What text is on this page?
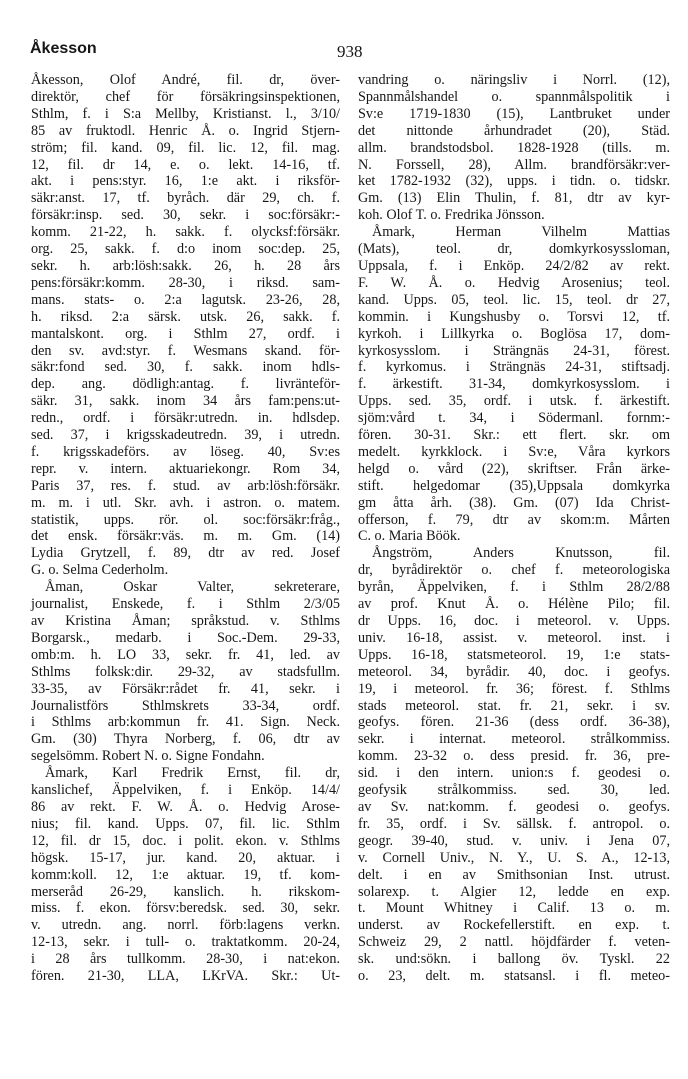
Åkesson	938
Åkesson, Olof André, fil. dr, över-
direktör, chef för försäkringsinspektionen,
Sthlm, f. i S:a Mellby, Kristianst. l., 3/10/
85 av fruktodl. Henric Å. o. Ingrid Stjern-
ström; fil. kand. 09, fil. lic. 12, fil. mag.
12, fil. dr 14, e. o. lekt. 14-16, tf.
akt. i pens:styr. 16, 1:e akt. i riksför-
säkr:anst. 17, tf. byråch. där 29, ch. f.
försäkr:insp. sed. 30, sekr. i soc:försäkr:-
komm. 21-22, h. sakk. f. olycksf:försäkr.
org. 25, sakk. f. d:o inom soc:dep. 25,
sekr. h. arb:lösh:sakk. 26, h. 28 års
pens:försäkr:komm. 28-30, i riksd. sam-
mans. stats- o. 2:a lagutsk. 23-26, 28,
h. riksd. 2:a särsk. utsk. 26, sakk. f.
mantalskont. org. i Sthlm 27, ordf. i
den sv. avd:styr. f. Wesmans skand. för-
säkr:fond sed. 30, f. sakk. inom hdls-
dep. ang. dödligh:antag. f. livränteför-
säkr. 31, sakk. inom 34 års fam:pens:ut-
redn., ordf. i försäkr:utredn. in. hdlsdep.
sed. 37, i krigsskadeutredn. 39, i utredn.
f. krigsskadeförs. av löseg. 40, Sv:es
repr. v. intern. aktuariekongr. Rom 34,
Paris 37, res. f. stud. av arb:lösh:försäkr.
m. m. i utl. Skr. avh. i astron. o. matem.
statistik, upps. rör. ol. soc:försäkr:fråg.,
det ensk. försäkr:väs. m. m. Gm. (14)
Lydia Grytzell, f. 89, dtr av red. Josef
G. o. Selma Cederholm.
Åman, Oskar Valter, sekreterare,
journalist, Enskede, f. i Sthlm 2/3/05
av Kristina Åman; språkstud. v. Sthlms
Borgarsk., medarb. i Soc.-Dem. 29-33,
omb:m. h. LO 33, sekr. fr. 41, led. av
Sthlms folksk:dir. 29-32, av stadsfullm.
33-35, av Försäkr:rådet fr. 41, sekr. i
Journalistförs Sthlmskrets 33-34, ordf.
i Sthlms arb:kommun fr. 41. Sign. Neck.
Gm. (30) Thyra Norberg, f. 06, dtr av
segelsömm. Robert N. o. Signe Fondahn.
Åmark, Karl Fredrik Ernst, fil. dr,
kanslichef, Äppelviken, f. i Enköp. 14/4/
86 av rekt. F. W. Å. o. Hedvig Arose-
nius; fil. kand. Upps. 07, fil. lic. Sthlm
12, fil. dr 15, doc. i polit. ekon. v. Sthlms
högsk. 15-17, jur. kand. 20, aktuar. i
komm:koll. 12, 1:e aktuar. 19, tf. kom-
merseråd 26-29, kanslich. h. rikskom-
miss. f. ekon. försv:beredsk. sed. 30, sekr.
v. utredn. ang. norrl. förb:lagens verkn.
12-13, sekr. i tull- o. traktatkomm. 20-24,
i 28 års tullkomm. 28-30, i nat:ekon.
fören. 21-30, LLA, LKrVA. Skr.: Ut-
vandring o. näringsliv i Norrl. (12),
Spannmålshandel o. spannmålspolitik i
Sv:e 1719-1830 (15), Lantbruket under
det nittonde århundradet (20), Städ.
allm. brandstodsbol. 1828-1928 (tills. m.
N. Forssell, 28), Allm. brandförsäkr:ver-
ket 1782-1932 (32), upps. i tidn. o. tidskr.
Gm. (13) Elin Thulin, f. 81, dtr av kyr-
koh. Olof T. o. Fredrika Jönsson.
Åmark, Herman Vilhelm Mattias
(Mats), teol. dr, domkyrkosyssloman,
Uppsala, f. i Enköp. 24/2/82 av rekt.
F. W. Å. o. Hedvig Arosenius; teol.
kand. Upps. 05, teol. lic. 15, teol. dr 27,
kommin. i Kungshusby o. Torsvi 12, tf.
kyrkoh. i Lillkyrka o. Boglösa 17, dom-
kyrkosysslom. i Strängnäs 24-31, förest.
f. kyrkomus. i Strängnäs 24-31, stiftsadj.
f. ärkestift. 31-34, domkyrkosysslom. i
Upps. sed. 35, ordf. i utsk. f. ärkestift.
sjöm:vård t. 34, i Södermanl. fornm:-
fören. 30-31. Skr.: ett flert. skr. om
medelt. kyrkklock. i Sv:e, Våra kyrkors
helgd o. vård (22), skriftser. Från ärke-
stift. helgedomar (35),Uppsala domkyrka
gm åtta årh. (38). Gm. (07) Ida Christ-
offerson, f. 79, dtr av skom:m. Mårten
C. o. Maria Böök.
Ångström, Anders Knutsson, fil.
dr, byrådirektör o. chef f. meteorologiska
byrån, Äppelviken, f. i Sthlm 28/2/88
av prof. Knut Å. o. Hélène Pilo; fil.
dr Upps. 16, doc. i meteorol. v. Upps.
univ. 16-18, assist. v. meteorol. inst. i
Upps. 16-18, statsmeteorol. 19, 1:e stats-
meteorol. 34, byrådir. 40, doc. i geofys.
19, i meteorol. fr. 36; förest. f. Sthlms
stads meteorol. stat. fr. 21, sekr. i sv.
geofys. fören. 21-36 (dess ordf. 36-38),
sekr. i internat. meteorol. strålkommiss.
komm. 23-32 o. dess presid. fr. 36, pre-
sid. i den intern. union:s f. geodesi o.
geofysik strålkommiss. sed. 30, led.
av Sv. nat:komm. f. geodesi o. geofys.
fr. 35, ordf. i Sv. sällsk. f. antropol. o.
geogr. 39-40, stud. v. univ. i Jena 07,
v. Cornell Univ., N. Y., U. S. A., 12-13,
delt. i en av Smithsonian Inst. utrust.
solarexp. t. Algier 12, ledde en exp.
t. Mount Whitney i Calif. 13 o. m.
underst. av Rockefellerstift. en exp. t.
Schweiz 29, 2 nattl. höjdfärder f. veten-
sk. und:sökn. i ballong öv. Tyskl. 22
o. 23, delt. m. statsansl. i fl. meteo-
